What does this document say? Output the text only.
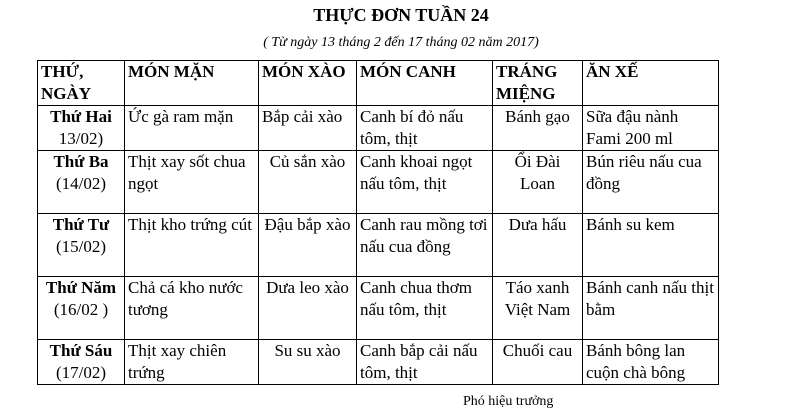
THỰC ĐƠN TUẦN 24
( Từ ngày 13 tháng 2 đến 17 tháng 02 năm 2017)
THỨ, NGÀY	MÓN MẶN	MÓN XÀO	MÓN CANH	TRÁNG MIỆNG	ĂN XẾ

Thứ Hai
13/02)	Ức gà ram mặn	Bắp cải xào	Canh bí đỏ nấu tôm, thịt	Bánh gạo	Sữa đậu nành Fami 200 ml

Thứ Ba
(14/02)	Thịt xay sốt chua ngọt	Củ sắn xào	Canh khoai ngọt nấu tôm, thịt	Ổi Đài Loan	Bún riêu nấu cua đồng

Thứ Tư
(15/02)	Thịt kho trứng cút	Đậu bắp xào	Canh rau mồng tơi nấu cua đồng	Dưa hấu	Bánh su kem

Thứ Năm
(16/02 )	Chả cá kho nước tương	Dưa leo xào	Canh chua thơm nấu tôm, thịt	Táo xanh Việt Nam	Bánh canh nấu thịt bằm

Thứ Sáu
(17/02)	Thịt xay chiên trứng	Su su xào	Canh bắp cải nấu tôm, thịt	Chuối cau	Bánh bông lan cuộn chà bông
Phó hiệu trưởng
